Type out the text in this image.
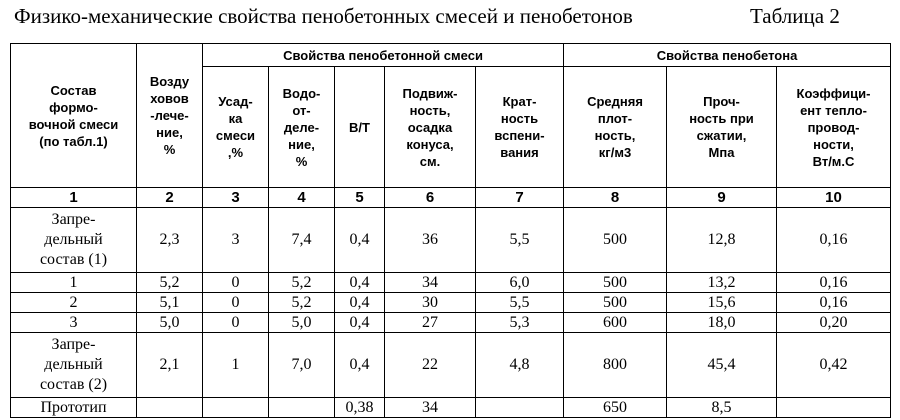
Физико-механические свойства пенобетонных смесей и пенобетонов	Таблица 2
Состав
формо-
вочной смеси
(по табл.1)	Возду
ховов
-лече-
ние,
%	Свойства пенобетонной смеси					Свойства пенобетона		
		Усад-
ка
смеси
,%	Водо-
от-
деле-
ние,
%	В/Т	Подвиж-
ность,
осадка
конуса,
см.	Крат-
ность
вспени-
вания	Средняя
плот-
ность,
кг/м3	Проч-
ность при
сжатии,
Мпа	Коэффици-
ент тепло-
провод-
ности,
Вт/м.С
1	2	3	4	5	6	7	8	9	10
Запре-
дельный
состав (1)	2,3	3	7,4	0,4	36	5,5	500	12,8	0,16
1	5,2	0	5,2	0,4	34	6,0	500	13,2	0,16
2	5,1	0	5,2	0,4	30	5,5	500	15,6	0,16
3	5,0	0	5,0	0,4	27	5,3	600	18,0	0,20
Запре-
дельный
состав (2)	2,1	1	7,0	0,4	22	4,8	800	45,4	0,42
Прототип				0,38	34		650	8,5	
